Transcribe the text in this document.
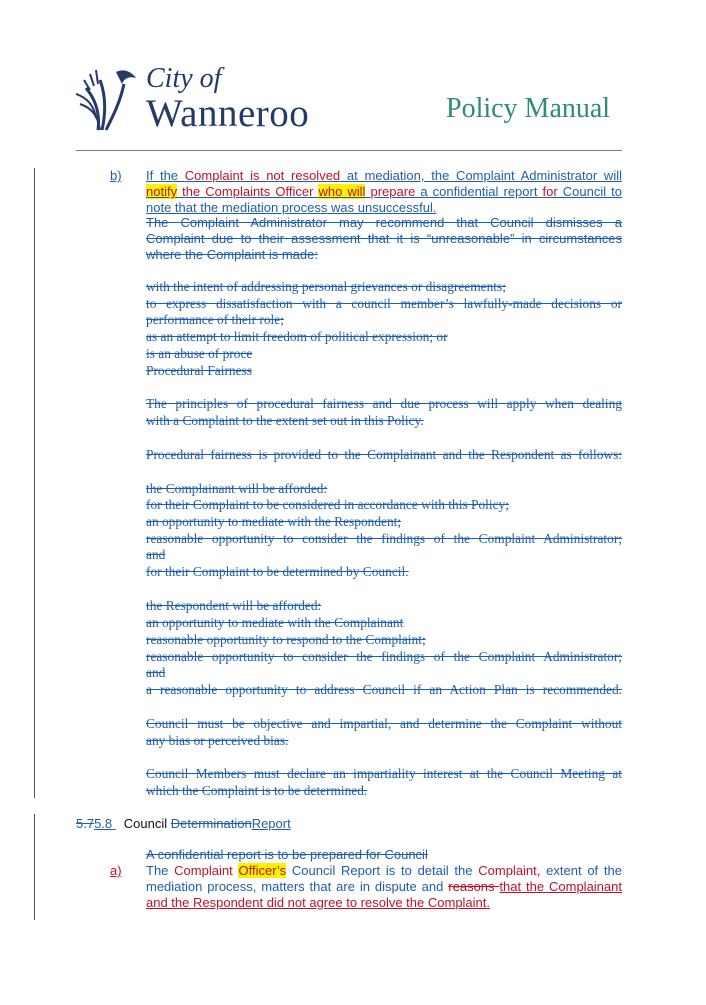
City of
Wanneroo	Policy Manual
b) If the Complaint is not resolved at mediation, the Complaint Administrator will
notify the Complaints Officer who will prepare a confidential report for Council to
note that the mediation process was unsuccessful.
The Complaint Administrator may recommend that Council dismisses a
Complaint due to their assessment that it is “unreasonable” in circumstances
where the Complaint is made:
with the intent of addressing personal grievances or disagreements;
to express dissatisfaction with a council member’s lawfully-made decisions or
performance of their role;
as an attempt to limit freedom of political expression; or
is an abuse of proce
Procedural Fairness
The principles of procedural fairness and due process will apply when dealing
with a Complaint to the extent set out in this Policy.
Procedural fairness is provided to the Complainant and the Respondent as follows:
the Complainant will be afforded:
for their Complaint to be considered in accordance with this Policy;
an opportunity to mediate with the Respondent;
reasonable opportunity to consider the findings of the Complaint Administrator;
and
for their Complaint to be determined by Council.
the Respondent will be afforded:
an opportunity to mediate with the Complainant
reasonable opportunity to respond to the Complaint;
reasonable opportunity to consider the findings of the Complaint Administrator;
and
a reasonable opportunity to address Council if an Action Plan is recommended.
Council must be objective and impartial, and determine the Complaint without
any bias or perceived bias.
Council Members must declare an impartiality interest at the Council Meeting at
which the Complaint is to be determined.
5.75.8 Council DeterminationReport
A confidential report is to be prepared for Council
a) The Complaint Officer’s Council Report is to detail the Complaint, extent of the
mediation process, matters that are in dispute and reasons that the Complainant
and the Respondent did not agree to resolve the Complaint.
